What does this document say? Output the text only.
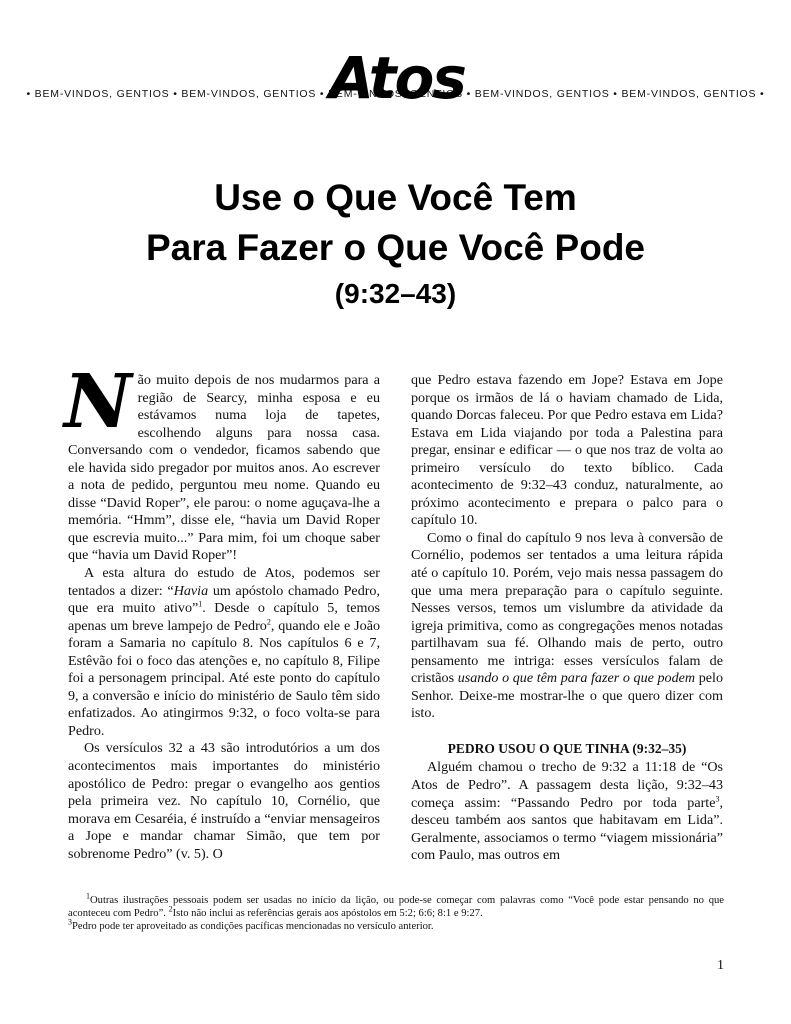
• BEM-VINDOS, GENTIOS • BEM-VINDOS, GENTIOS • BEM-VINDOS, GENTIOS • BEM-VINDOS, GENTIOS • BEM-VINDOS, GENTIOS •
Atos
Use o Que Você Tem
Para Fazer o Que Você Pode
(9:32–43)

Não muito depois de nos mudarmos para a região de Searcy, minha esposa e eu estávamos numa loja de tapetes, escolhendo alguns para nossa casa. Conversando com o vendedor, ficamos sabendo que ele havida sido pregador por muitos anos. Ao escrever a nota de pedido, perguntou meu nome. Quando eu disse “David Roper”, ele parou: o nome aguçava-lhe a memória. “Hmm”, disse ele, “havia um David Roper que escrevia muito...” Para mim, foi um choque saber que “havia um David Roper”!

A esta altura do estudo de Atos, podemos ser tentados a dizer: “Havia um apóstolo chamado Pedro, que era muito ativo”$^1$. Desde o capítulo 5, temos apenas um breve lampejo de Pedro$^2$, quando ele e João foram a Samaria no capítulo 8. Nos capítulos 6 e 7, Estêvão foi o foco das atenções e, no capítulo 8, Filipe foi a personagem principal. Até este ponto do capítulo 9, a conversão e início do ministério de Saulo têm sido enfatizados. Ao atingirmos 9:32, o foco volta-se para Pedro.

Os versículos 32 a 43 são introdutórios a um dos acontecimentos mais importantes do ministério apostólico de Pedro: pregar o evangelho aos gentios pela primeira vez. No capítulo 10, Cornélio, que morava em Cesaréia, é instruído a “enviar mensageiros a Jope e mandar chamar Simão, que tem por sobrenome Pedro” (v. 5). O

que Pedro estava fazendo em Jope? Estava em Jope porque os irmãos de lá o haviam chamado de Lida, quando Dorcas faleceu. Por que Pedro estava em Lida? Estava em Lida viajando por toda a Palestina para pregar, ensinar e edificar — o que nos traz de volta ao primeiro versículo do texto bíblico. Cada acontecimento de 9:32–43 conduz, naturalmente, ao próximo acontecimento e prepara o palco para o capítulo 10.

Como o final do capítulo 9 nos leva à conversão de Cornélio, podemos ser tentados a uma leitura rápida até o capítulo 10. Porém, vejo mais nessa passagem do que uma mera preparação para o capítulo seguinte. Nesses versos, temos um vislumbre da atividade da igreja primitiva, como as congregações menos notadas partilhavam sua fé. Olhando mais de perto, outro pensamento me intriga: esses versículos falam de cristãos usando o que têm para fazer o que podem pelo Senhor. Deixe-me mostrar-lhe o que quero dizer com isto.

PEDRO USOU O QUE TINHA (9:32–35)

Alguém chamou o trecho de 9:32 a 11:18 de “Os Atos de Pedro”. A passagem desta lição, 9:32–43 começa assim: “Passando Pedro por toda parte$^3$, desceu também aos santos que habitavam em Lida”. Geralmente, associamos o termo “viagem missionária” com Paulo, mas outros em

$^1$Outras ilustrações pessoais podem ser usadas no início da lição, ou pode-se começar com palavras como “Você pode estar pensando no que aconteceu com Pedro”. $^2$Isto não inclui as referências gerais aos apóstolos em 5:2; 6:6; 8:1 e 9:27.
$^3$Pedro pode ter aproveitado as condições pacíficas mencionadas no versículo anterior.

1
